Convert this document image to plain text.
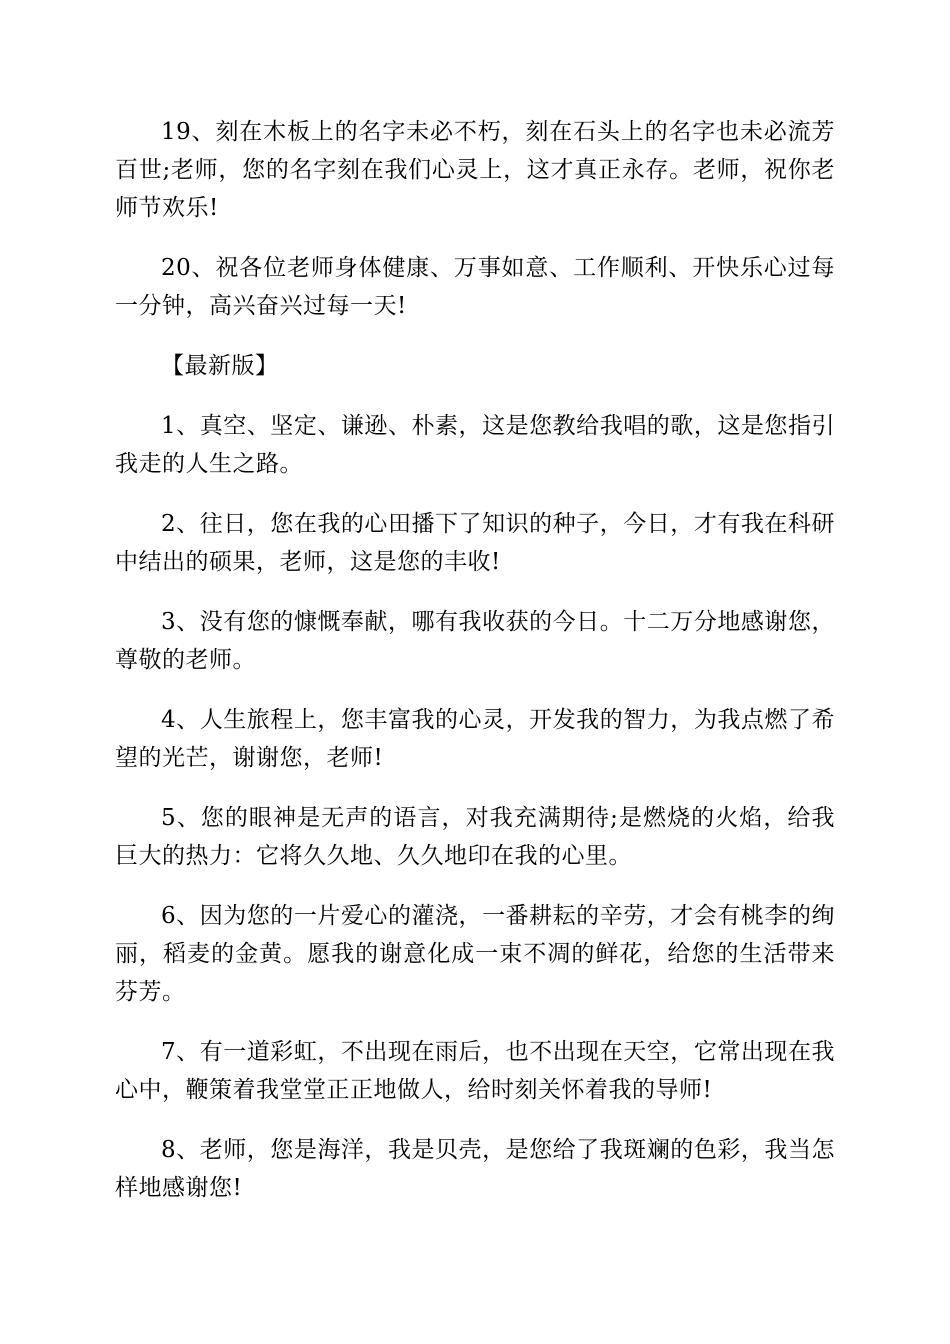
19、刻在木板上的名字未必不朽，刻在石头上的名字也未必流芳百世;老师，您的名字刻在我们心灵上，这才真正永存。老师，祝你老师节欢乐!

20、祝各位老师身体健康、万事如意、工作顺利、开快乐心过每一分钟，高兴奋兴过每一天!

【最新版】

1、真空、坚定、谦逊、朴素，这是您教给我唱的歌，这是您指引我走的人生之路。

2、往日，您在我的心田播下了知识的种子，今日，才有我在科研中结出的硕果，老师，这是您的丰收!

3、没有您的慷慨奉献，哪有我收获的今日。十二万分地感谢您，尊敬的老师。

4、人生旅程上，您丰富我的心灵，开发我的智力，为我点燃了希望的光芒，谢谢您，老师!

5、您的眼神是无声的语言，对我充满期待;是燃烧的火焰，给我巨大的热力：它将久久地、久久地印在我的心里。

6、因为您的一片爱心的灌浇，一番耕耘的辛劳，才会有桃李的绚丽，稻麦的金黄。愿我的谢意化成一束不凋的鲜花，给您的生活带来芬芳。

7、有一道彩虹，不出现在雨后，也不出现在天空，它常出现在我心中，鞭策着我堂堂正正地做人，给时刻关怀着我的导师!

8、老师，您是海洋，我是贝壳，是您给了我斑斓的色彩，我当怎样地感谢您!
